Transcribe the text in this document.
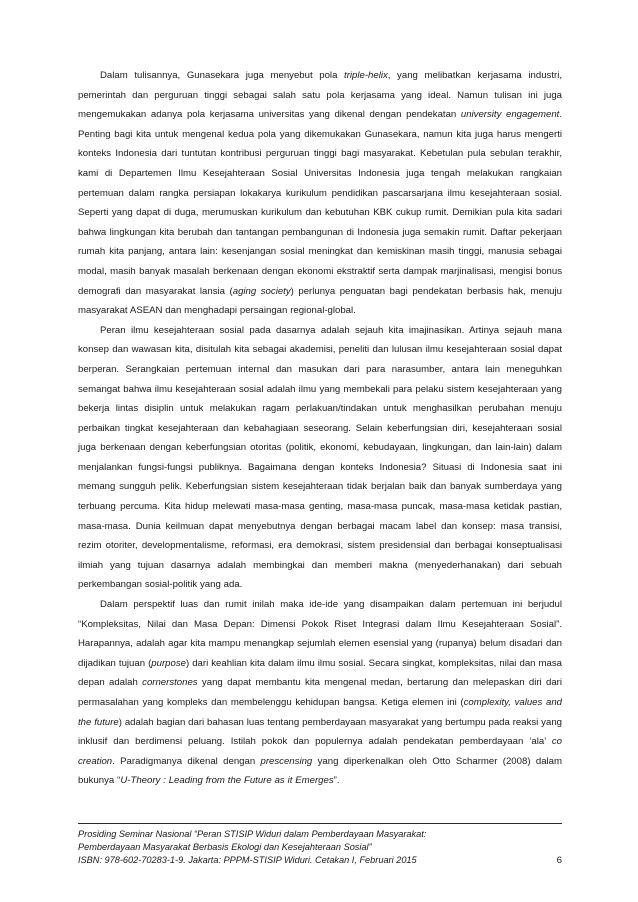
Dalam tulisannya, Gunasekara juga menyebut pola triple-helix, yang melibatkan kerjasama industri, pemerintah dan perguruan tinggi sebagai salah satu pola kerjasama yang ideal. Namun tulisan ini juga mengemukakan adanya pola kerjasama universitas yang dikenal dengan pendekatan university engagement. Penting bagi kita untuk mengenal kedua pola yang dikemukakan Gunasekara, namun kita juga harus mengerti konteks Indonesia dari tuntutan kontribusi perguruan tinggi bagi masyarakat. Kebetulan pula sebulan terakhir, kami di Departemen Ilmu Kesejahteraan Sosial Universitas Indonesia juga tengah melakukan rangkaian pertemuan dalam rangka persiapan lokakarya kurikulum pendidikan pascarsarjana ilmu kesejahteraan sosial. Seperti yang dapat di duga, merumuskan kurikulum dan kebutuhan KBK cukup rumit. Demikian pula kita sadari bahwa lingkungan kita berubah dan tantangan pembangunan di Indonesia juga semakin rumit. Daftar pekerjaan rumah kita panjang, antara lain: kesenjangan sosial meningkat dan kemiskinan masih tinggi, manusia sebagai modal, masih banyak masalah berkenaan dengan ekonomi ekstraktif serta dampak marjinalisasi, mengisi bonus demografi dan masyarakat lansia (aging society) perlunya penguatan bagi pendekatan berbasis hak, menuju masyarakat ASEAN dan menghadapi persaingan regional-global.

Peran ilmu kesejahteraan sosial pada dasarnya adalah sejauh kita imajinasikan. Artinya sejauh mana konsep dan wawasan kita, disitulah kita sebagai akademisi, peneliti dan lulusan ilmu kesejahteraan sosial dapat berperan. Serangkaian pertemuan internal dan masukan dari para narasumber, antara lain meneguhkan semangat bahwa ilmu kesejahteraan sosial adalah ilmu yang membekali para pelaku sistem kesejahteraan yang bekerja lintas disiplin untuk melakukan ragam perlakuan/tindakan untuk menghasilkan perubahan menuju perbaikan tingkat kesejahteraan dan kebahagiaan seseorang. Selain keberfungsian diri, kesejahteraan sosial juga berkenaan dengan keberfungsian otoritas (politik, ekonomi, kebudayaan, lingkungan, dan lain-lain) dalam menjalankan fungsi-fungsi publiknya. Bagaimana dengan konteks Indonesia? Situasi di Indonesia saat ini memang sungguh pelik. Keberfungsian sistem kesejahteraan tidak berjalan baik dan banyak sumberdaya yang terbuang percuma. Kita hidup melewati masa-masa genting, masa-masa puncak, masa-masa ketidak pastian, masa-masa. Dunia keilmuan dapat menyebutnya dengan berbagai macam label dan konsep: masa transisi, rezim otoriter, developmentalisme, reformasi, era demokrasi, sistem presidensial dan berbagai konseptualisasi ilmiah yang tujuan dasarnya adalah membingkai dan memberi makna (menyederhanakan) dari sebuah perkembangan sosial-politik yang ada.

Dalam perspektif luas dan rumit inilah maka ide-ide yang disampaikan dalam pertemuan ini berjudul “Kompleksitas, Nilai dan Masa Depan: Dimensi Pokok Riset Integrasi dalam Ilmu Kesejahteraan Sosial”. Harapannya, adalah agar kita mampu menangkap sejumlah elemen esensial yang (rupanya) belum disadari dan dijadikan tujuan (purpose) dari keahlian kita dalam ilmu ilmu sosial. Secara singkat, kompleksitas, nilai dan masa depan adalah cornerstones yang dapat membantu kita mengenal medan, bertarung dan melepaskan diri dari permasalahan yang kompleks dan membelenggu kehidupan bangsa. Ketiga elemen ini (complexity, values and the future) adalah bagian dari bahasan luas tentang pemberdayaan masyarakat yang bertumpu pada reaksi yang inklusif dan berdimensi peluang. Istilah pokok dan populernya adalah pendekatan pemberdayaan ‘ala’ co creation. Paradigmanya dikenal dengan prescensing yang diperkenalkan oleh Otto Scharmer (2008) dalam bukunya “U-Theory : Leading from the Future as it Emerges”.

Prosiding Seminar Nasional “Peran STISIP Widuri dalam Pemberdayaan Masyarakat:
Pemberdayaan Masyarakat Berbasis Ekologi dan Kesejahteraan Sosial”
ISBN: 978-602-70283-1-9. Jakarta: PPPM-STISIP Widuri. Cetakan I, Februari 2015	6
